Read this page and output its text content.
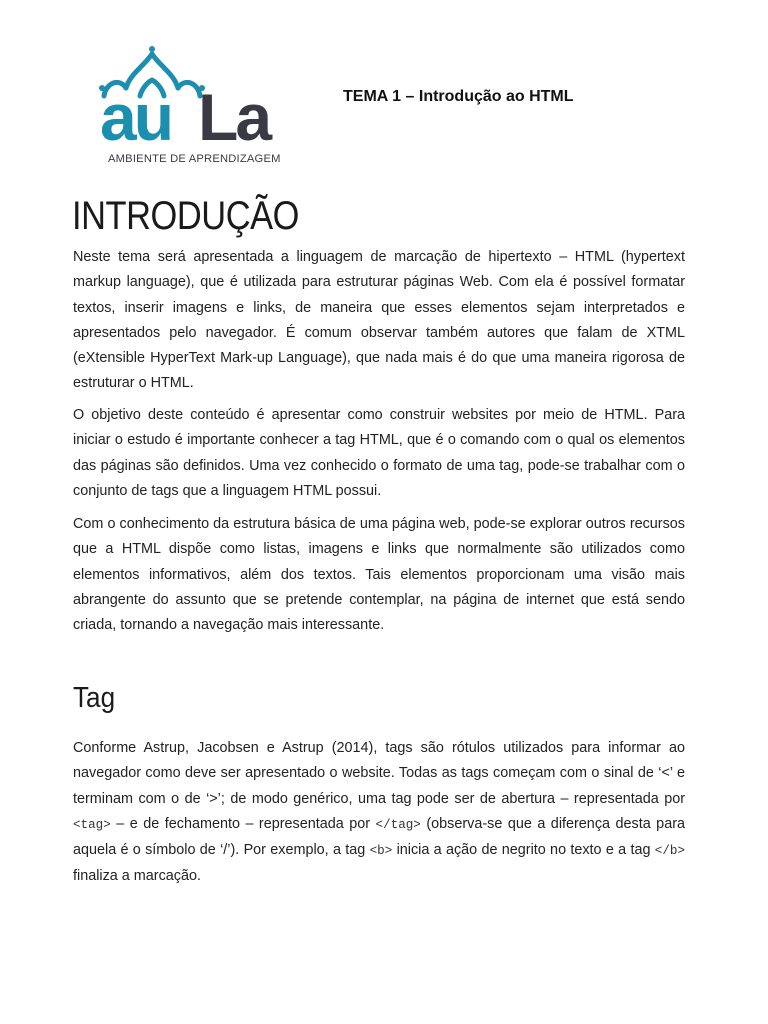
au La
AMBIENTE DE APRENDIZAGEM
TEMA 1 – Introdução ao HTML
INTRODUÇÃO

Neste tema será apresentada a linguagem de marcação de hipertexto – HTML (hypertext markup language), que é utilizada para estruturar páginas Web. Com ela é possível formatar textos, inserir imagens e links, de maneira que esses elementos sejam interpretados e apresentados pelo navegador. É comum observar também autores que falam de XTML (eXtensible HyperText Mark-up Language), que nada mais é do que uma maneira rigorosa de estruturar o HTML.

O objetivo deste conteúdo é apresentar como construir websites por meio de HTML. Para iniciar o estudo é importante conhecer a tag HTML, que é o comando com o qual os elementos das páginas são definidos. Uma vez conhecido o formato de uma tag, pode-se trabalhar com o conjunto de tags que a linguagem HTML possui.

Com o conhecimento da estrutura básica de uma página web, pode-se explorar outros recursos que a HTML dispõe como listas, imagens e links que normalmente são utilizados como elementos informativos, além dos textos. Tais elementos proporcionam uma visão mais abrangente do assunto que se pretende contemplar, na página de internet que está sendo criada, tornando a navegação mais interessante.

Tag

Conforme Astrup, Jacobsen e Astrup (2014), tags são rótulos utilizados para informar ao navegador como deve ser apresentado o website. Todas as tags começam com o sinal de ‘<’ e terminam com o de ‘>’; de modo genérico, uma tag pode ser de abertura – representada por <tag> – e de fechamento – representada por </tag> (observa-se que a diferença desta para aquela é o símbolo de ‘/’). Por exemplo, a tag <b> inicia a ação de negrito no texto e a tag </b> finaliza a marcação.
